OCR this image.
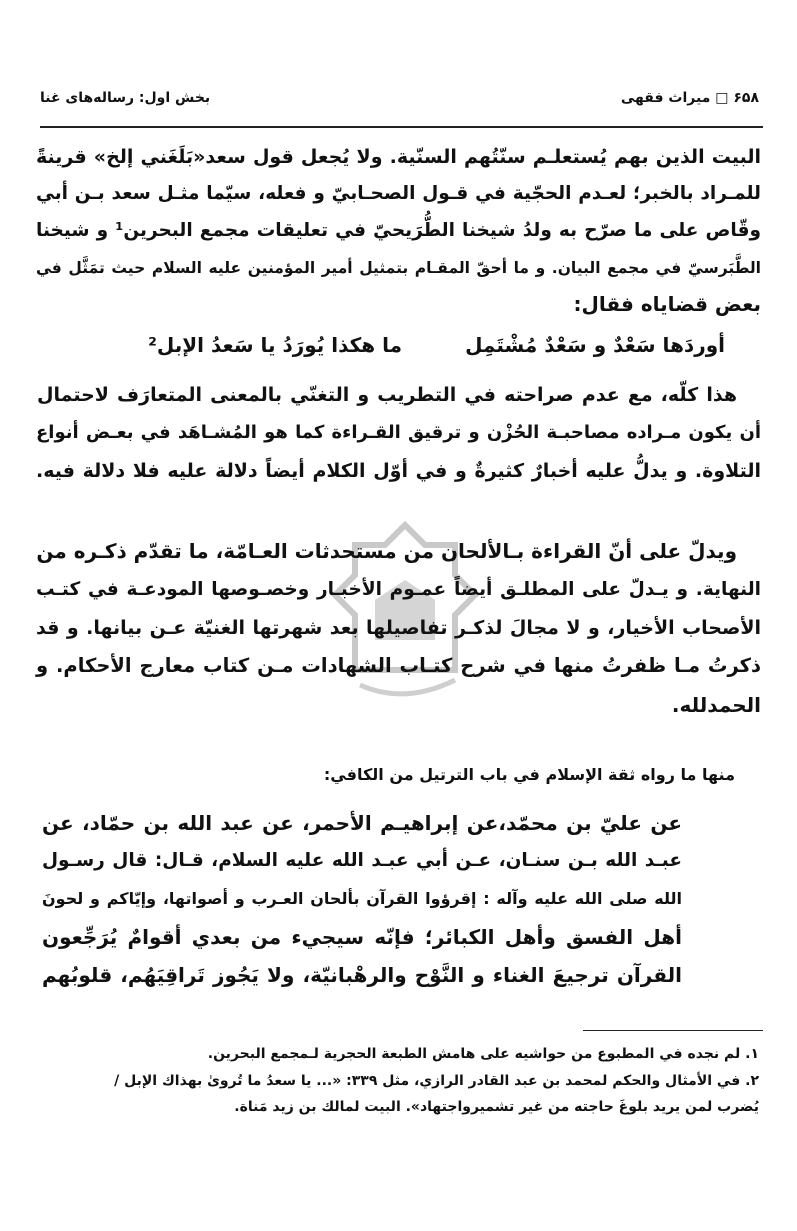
۶۵۸ □ میراث فقهی
بخش اول: رساله‌های غنا
البيت الذين بهم يُستعلـم سنّتُهم السنّية. ولا يُجعل قول سعد«بَلَغَني إلخ» قرينةً
للمـراد بالخبر؛ لعـدم الحجّية في قـول الصحـابيّ و فعله، سيّما مثـل سعد بـن أبي
وقّاص على ما صرّح به ولدُ شيخنا الطُّرَيحيّ في تعليقات مجمع البحرين¹ و شيخنا
الطَّبَرسيّ في مجمع البيان. و ما أحقّ المقـام بتمثيل أمير المؤمنين عليه السلام حيث تمَثَّل في
بعض قضاياه فقال:
أوردَها سَعْدٌ و سَعْدٌ مُشْتَمِل
ما هكذا يُورَدُ يا سَعدُ الإبل²
هذا كلّه، مع عدم صراحته في التطريب و التغنّي بالمعنى المتعارَف لاحتمال
أن يكون مـراده مصاحبـة الحُزْن و ترقيق القـراءة كما هو المُشـاهَد في بعـض أنواع
التلاوة. و يدلُّ عليه أخبارٌ كثيرةٌ و في أوّل الكلام أيضاً دلالة عليه فلا دلالة فيه.
ويدلّ على أنّ القراءة بـالألحان من مستحدثات العـامّة، ما تقدّم ذكـره من
النهاية. و يـدلّ على المطلـق أيضاً عمـوم الأخبـار وخصـوصها المودعـة في كتـب
الأصحاب الأخيار، و لا مجالَ لذكـر تفاصيلها بعد شهرتها الغنيّة عـن بيانها. و قد
ذكرتُ مـا ظفرتُ منها في شرح كتـاب الشهادات مـن كتاب معارج الأحكام. و
الحمدلله.
منها ما رواه ثقة الإسلام في باب الترتيل من الكافي:
عن عليّ بن محمّد،عن إبراهيـم الأحمر، عن عبد الله بن حمّاد، عن
عبـد الله بـن سنـان، عـن أبي عبـد الله عليه السلام، قـال: قال رسـول
الله صلى الله عليه وآله : إقرؤوا القرآن بألحان العـرب و أصواتها، وإيّاكم و لحونَ
أهل الفسق وأهل الكبائر؛ فإنّه سيجيء من بعدي أقوامٌ يُرَجِّعون
القرآن ترجيعَ الغناء و النَّوْح والرهْبانيّة، ولا يَجُوز تَراقِيَهُم، قلوبُهم
١. لم نجده في المطبوع من حواشيه على هامش الطبعة الحجرية لـمجمع البحرين.
٢. في الأمثال والحكم لمحمد بن عبد القادر الرازي، مثل ٣٣٩: «... يا سعدُ ما تُروىٰ بهذاك الإبل /
يُضرب لمن يريد بلوغَ حاجته من غير تشميرواجتهاد». البيت لمالك بن زيد مَناة.
